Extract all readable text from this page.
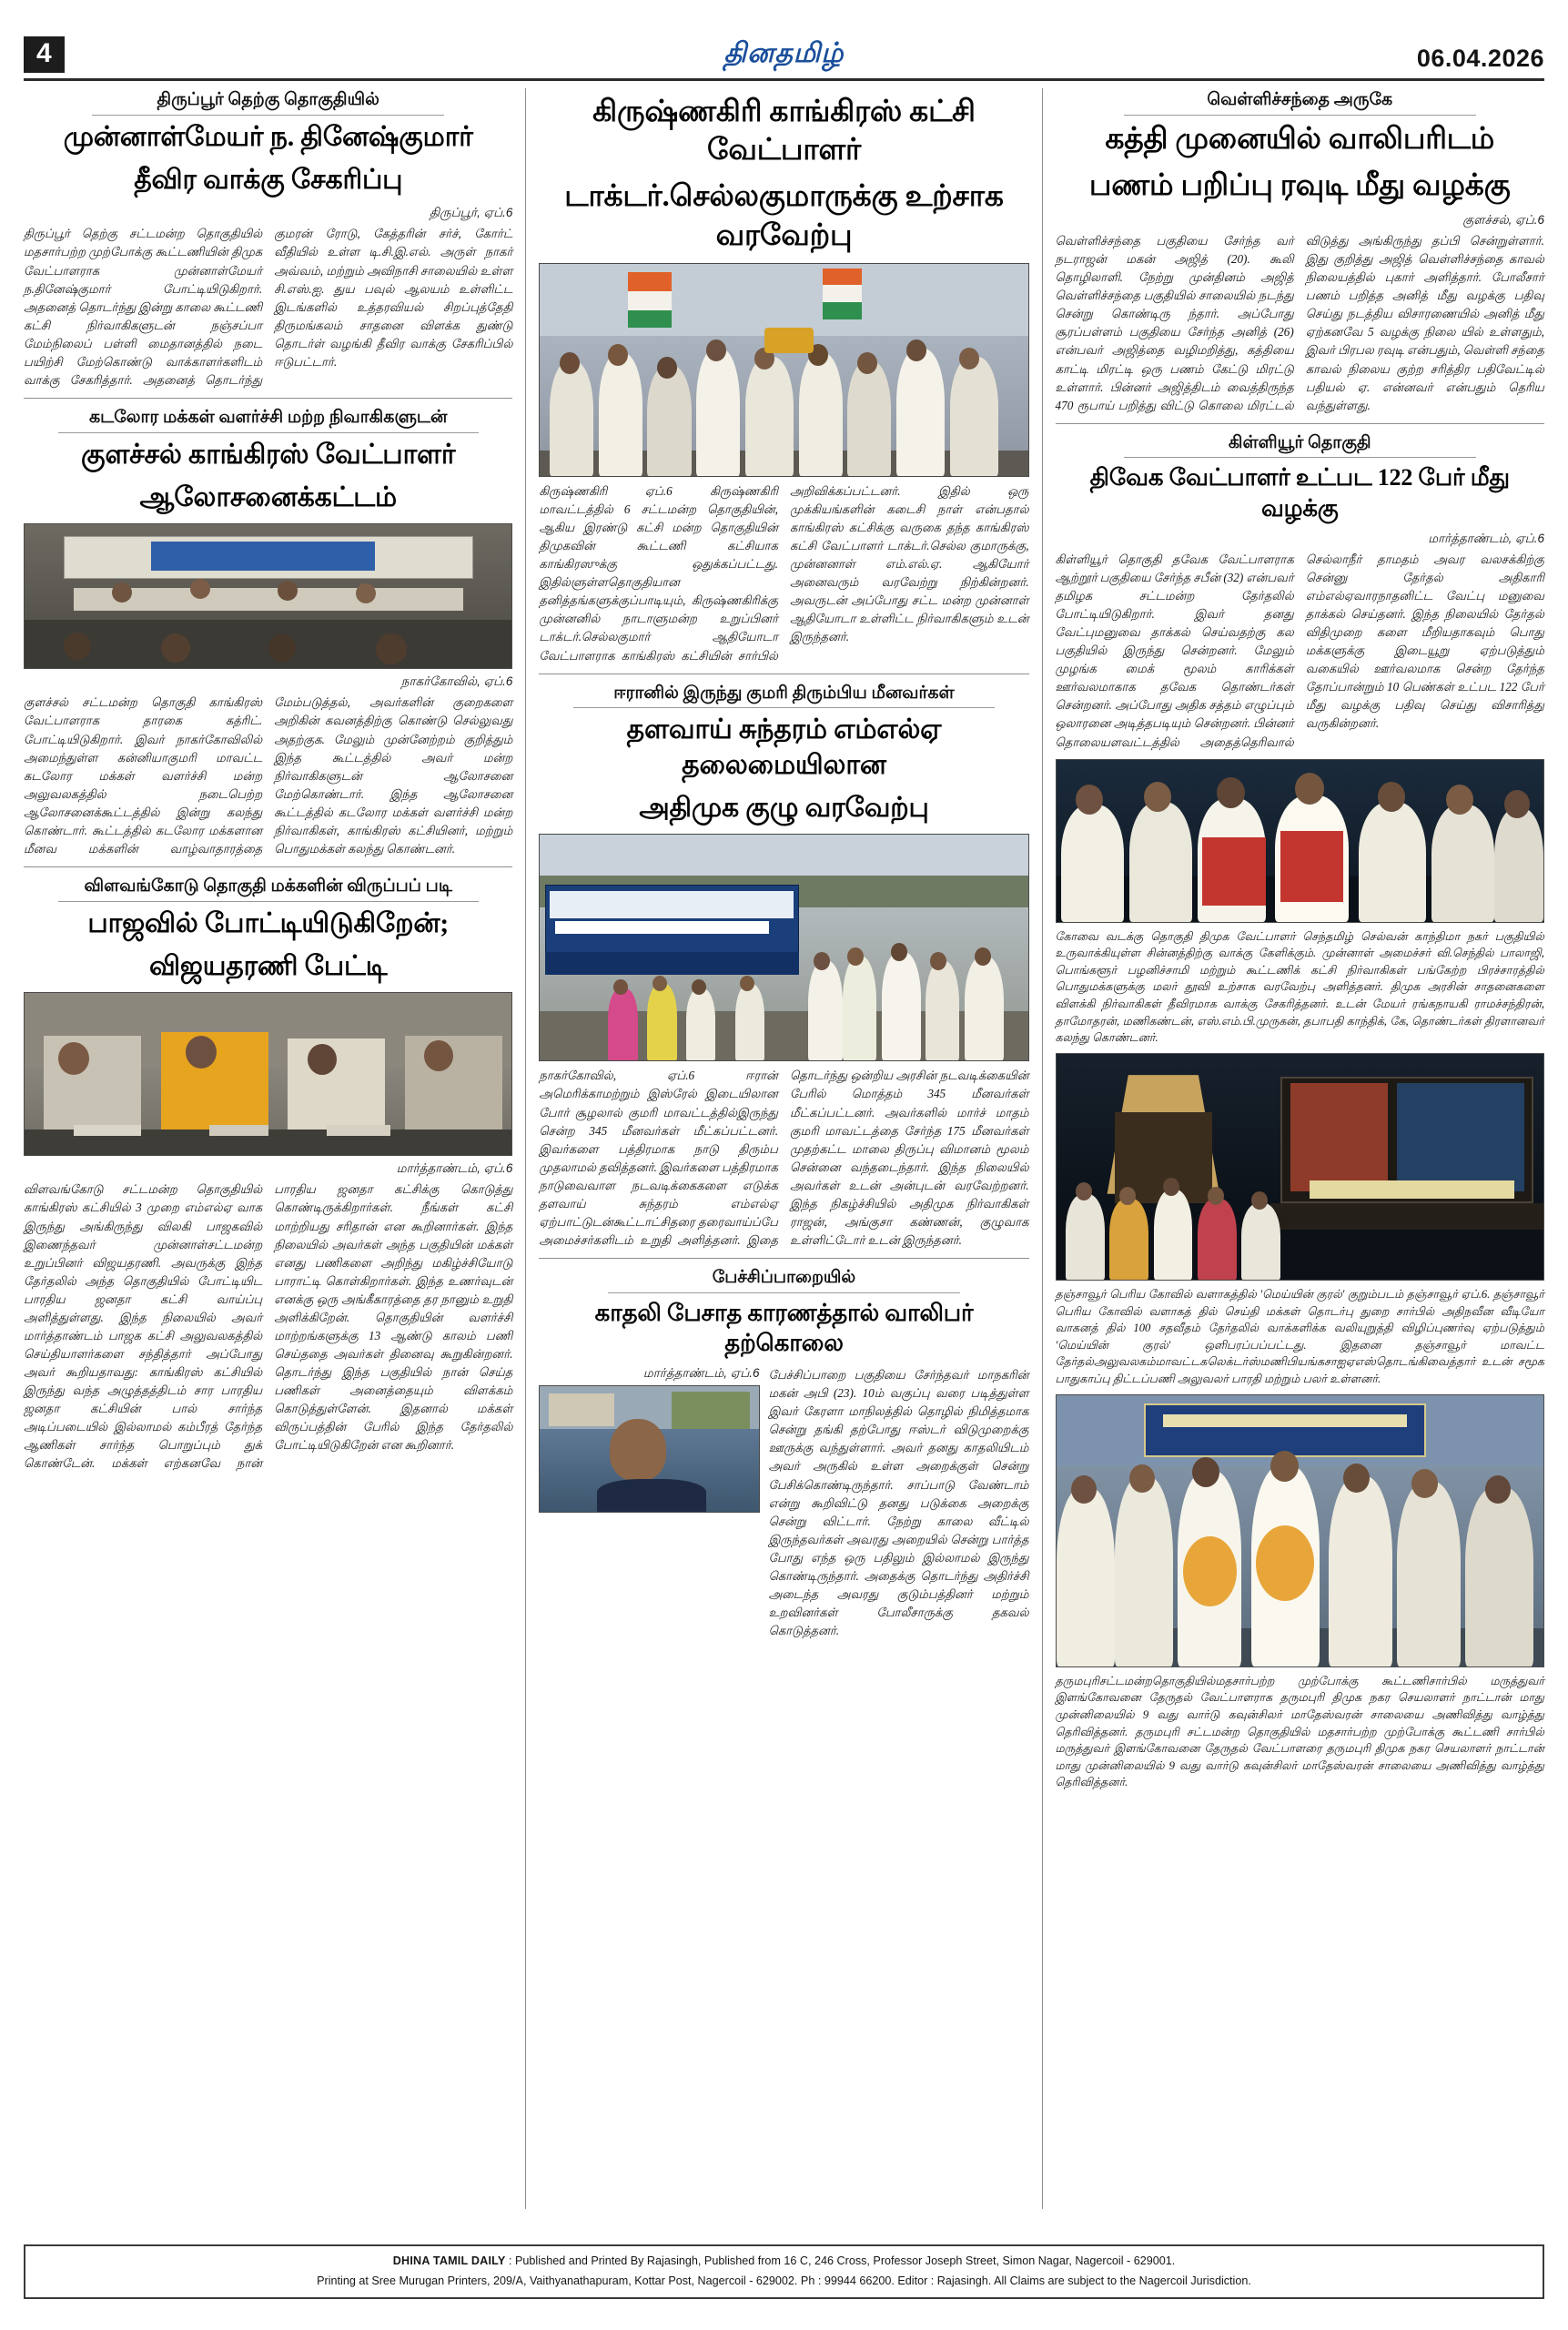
4	தினதமிழ்	06.04.2026
திருப்பூர் தெற்கு தொகுதியில்
முன்னாள்மேயர் ந. தினேஷ்குமார்
தீவிர வாக்கு சேகரிப்பு
திருப்பூர், ஏப்.6
திருப்பூர் தெற்கு சட்டமன்ற தொகுதியில் மதசார்பற்ற முற்போக்கு கூட்டணியின் திமுக வேட்பாளராக முன்னாள்மேயர் ந.தினேஷ்குமார் போட்டியிடுகிறார். அதனைத் தொடர்ந்து இன்று காலை கூட்டணி கட்சி நிர்வாகிகளுடன் நஞ்சப்பா மேம்நிலைப் பள்ளி மைதானத்தில் நடை பயிற்சி மேற்கொண்டு வாக்காளர்களிடம் வாக்கு சேகரித்தார். அதனைத் தொடர்ந்து குமரன் ரோடு, கேத்தரின் சர்ச், கோர்ட் வீதியில் உள்ள டி.சி.இ.எல். அருள் நாகர் அவ்வம், மற்றும் அவிநாசி சாலையில் உள்ள சி.எஸ்.ஐ. துய பவுல் ஆலயம் உள்ளிட்ட இடங்களில் உத்தரவியல் சிறப்புத்தேதி திருமங்கலம் சாதனை விளக்க துண்டு தொடர்ள் வழங்கி தீவிர வாக்கு சேகரிப்பில் ஈடுபட்டார்.
கடலோர மக்கள் வளர்ச்சி மற்ற நிவாகிகளுடன்
குளச்சல் காங்கிரஸ் வேட்பாளர்
ஆலோசனைக்கட்டம்
நாகர்கோவில், ஏப்.6
குளச்சல் சட்டமன்ற தொகுதி காங்கிரஸ் வேட்பாளராக தாரகை கத்ரிட். போட்டியிடுகிறார். இவர் நாகர்கோவிலில் அமைந்துள்ள கன்னியாகுமரி மாவட்ட கடலோர மக்கள் வளர்ச்சி மன்ற அலுவலகத்தில் நடைபெற்ற ஆலோசனைக்கூட்டத்தில் இன்று கலந்து கொண்டார். கூட்டத்தில் கடலோர மக்களான மீனவ மக்களின் வாழ்வாதாரத்தை மேம்படுத்தல், அவர்களின் குறைகளை அறிகின் கவனத்திற்கு கொண்டு செல்லுவது அதற்குக. மேலும் முன்னேற்றம் குறித்தும் இந்த கூட்டத்தில் அவர் மன்ற நிர்வாகிகளுடன் ஆலோசனை மேற்கொண்டார். இந்த ஆலோசனை கூட்டத்தில் கடலோர மக்கள் வளர்ச்சி மன்ற நிர்வாகிகள், காங்கிரஸ் கட்சியினர், மற்றும் பொதுமக்கள் கலந்து கொண்டனர்.
விளவங்கோடு தொகுதி மக்களின் விருப்பப் படி
பாஜவில் போட்டியிடுகிறேன்;
விஜயதரணி பேட்டி
மார்த்தாண்டம், ஏப்.6
விளவங்கோடு சட்டமன்ற தொகுதியில் காங்கிரஸ் கட்சியில் 3 முறை எம்எல்ஏ வாக இருந்து அங்கிருந்து விலகி பாஜகவில் இணைந்தவர் முன்னாள்சட்டமன்ற உறுப்பினர் விஜயதரணி. அவருக்கு இந்த தேர்தலில் அந்த தொகுதியில் போட்டியிட பாரதிய ஜனதா கட்சி வாய்ப்பு அளித்துள்ளது. இந்த நிலையில் அவர் மார்த்தாண்டம் பாஜக கட்சி அலுவலகத்தில் செய்தியாளர்களை சந்தித்தார் அப்போது அவர் கூறியதாவது: காங்கிரஸ் கட்சியில் இருந்து வந்த அழுத்தத்திடம் சார பாரதிய ஜனதா கட்சியின் பால் சார்ந்த அடிப்படையில் இல்லாமல் கம்பீரத் தேர்ந்த ஆணிகள் சார்ந்த பொறுப்பும் துக் கொண்டேன். மக்கள் எற்கனவே நான் பாரதிய ஜனதா கட்சிக்கு கொடுத்து கொண்டிருக்கிறார்கள். நீங்கள் கட்சி மாற்றியது சரிதான் என கூறினார்கள். இந்த நிலையில் அவர்கள் அந்த பகுதியின் மக்கள் எனது பணிகளை அறிந்து மகிழ்ச்சியோடு பாராட்டி கொள்கிறார்கள். இந்த உணர்வுடன் எனக்கு ஒரு அங்கீகாரத்தை தர நானும் உறுதி அளிக்கிறேன். தொகுதியின் வளர்ச்சி மாற்றங்களுக்கு 13 ஆண்டு காலம் பணி செய்ததை அவர்கள் தினைவு கூறுகின்றனர். தொடர்ந்து இந்த பகுதியில் நான் செய்த பணிகள் அனைத்தையும் விளக்கம் கொடுத்துள்ளேன். இதனால் மக்கள் விருப்பத்தின் பேரில் இந்த தேர்தலில் போட்டியிடுகிறேன் என கூறினார்.
கிருஷ்ணகிரி காங்கிரஸ் கட்சி வேட்பாளர்
டாக்டர்.செல்லகுமாருக்கு உற்சாக வரவேற்பு
கிருஷ்ணகிரி ஏப்.6 கிருஷ்ணகிரி மாவட்டத்தில் 6 சட்டமன்ற தொகுதியின், ஆகிய இரண்டு கட்சி மன்ற தொகுதியின் திமுகவின் கூட்டணி கட்சியாக காங்கிரஸுக்கு ஒதுக்கப்பட்டது. இதில்ளுள்ளதொகுதியான தனித்தங்களுக்குப்பாடியும், கிருஷ்ணகிரிக்கு முன்னனில் நாடாளுமன்ற உறுப்பினர் டாக்டர்.செல்லகுமார் ஆதியோடா வேட்பாளராக காங்கிரஸ் கட்சியின் சார்பில் அறிவிக்கப்பட்டனர். இதில் ஒரு முக்கியங்களின் கடைசி நாள் என்பதால் காங்கிரஸ் கட்சிக்கு வருகை தந்த காங்கிரஸ் கட்சி வேட்பாளர் டாக்டர்.செல்ல குமாருக்கு, முன்னனாள் எம்.எல்.ஏ. ஆகியோர் அனைவரும் வரவேற்று நிற்கின்றனர். அவருடன் அப்போது சட்ட மன்ற முன்னாள் ஆதியோடா உள்ளிட்ட நிர்வாகிகளும் உடன் இருந்தனர்.
ஈரானில் இருந்து குமரி திரும்பிய மீனவர்கள்
தளவாய் சுந்தரம் எம்எல்ஏ தலைமையிலான
அதிமுக குழு வரவேற்பு
நாகர்கோவில், ஏப்.6 ஈரான் அமெரிக்காமற்றும் இஸ்ரேல் இடையிலான போர் சூழலால் குமரி மாவட்டத்தில்இருந்து சென்ற 345 மீனவர்கள் மீட்கப்பட்டனர். இவர்களை பத்திரமாக நாடு திரும்ப முதலாமல் தவித்தனர். இவர்களை பத்திரமாக நாடுவைவாள நடவடிக்கைகளை எடுக்க தளவாய் சுந்தரம் எம்எல்ஏ ஏற்பாட்டுடன்கூட்டாட்சிதரை தரைவாய்ப்பே அமைச்சர்களிடம் உறுதி அளித்தனர். இதை தொடர்ந்து ஒன்றிய அரசின் நடவடிக்கையின் பேரில் மொத்தம் 345 மீனவர்கள் மீட்கப்பட்டனர். அவர்களில் மார்ச் மாதம் குமரி மாவட்டத்தை சேர்ந்த 175 மீனவர்கள் முதற்கட்ட மாலை திருப்பு விமானம் மூலம் சென்னை வந்தடைந்தார். இந்த நிலையில் அவர்கள் உடன் அன்புடன் வரவேற்றனர். இந்த நிகழ்ச்சியில் அதிமுக நிர்வாகிகள் ராஜன், அங்குசா கண்ணன், குழுவாக உள்ளிட்டோர் உடன் இருந்தனர்.
பேச்சிப்பாறையில்
காதலி பேசாத காரணத்தால் வாலிபர் தற்கொலை
மார்த்தாண்டம், ஏப்.6 பேச்சிப்பாறை பகுதியை சேர்ந்தவர் மாநகரின் மகன் அபி (23). 10ம் வகுப்பு வரை படித்துள்ள இவர் கேரளா மாநிலத்தில் தொழில் நிமித்தமாக சென்று தங்கி தற்போது ஈஸ்டர் விடுமுறைக்கு ஊருக்கு வந்துள்ளார். அவர் தனது காதலியிடம் அவர் அருகில் உள்ள அறைக்குள் சென்று பேசிக்கொண்டிருந்தார். சாப்பாடு வேண்டாம் என்று கூறிவிட்டு தனது படுக்கை அறைக்கு சென்று விட்டார். நேற்று காலை வீட்டில் இருந்தவர்கள் அவரது அறையில் சென்று பார்த்த போது எந்த ஒரு பதிலும் இல்லாமல் இருந்து கொண்டிருந்தார். அதைக்கு தொடர்ந்து அதிர்ச்சி அடைந்த அவரது குடும்பத்தினர் மற்றும் உறவினர்கள் போலீசாருக்கு தகவல் கொடுத்தனர்.
வெள்ளிச்சந்தை அருகே
கத்தி முனையில் வாலிபரிடம்
பணம் பறிப்பு ரவுடி மீது வழக்கு
குளச்சல், ஏப்.6
வெள்ளிச்சந்தை பகுதியை சேர்ந்த வர் நடராஜன் மகன் அஜித் (20). கூலி தொழிலாளி. நேற்று முன்தினம் அஜித் வெள்ளிச்சந்தை பகுதியில் சாலையில் நடந்து சென்று கொண்டிரு ந்தார். அப்போது சூரப்பள்ளம் பகுதியை சேர்ந்த அனித் (26) என்பவர் அஜித்தை வழிமறித்து, கத்தியை காட்டி மிரட்டி ஒரு பணம் கேட்டு மிரட்டு உள்ளார். பின்னர் அஜித்திடம் வைத்திருந்த 470 ரூபாய் பறித்து விட்டு கொலை மிரட்டல் விடுத்து அங்கிருந்து தப்பி சென்றுள்ளார். இது குறித்து அஜித் வெள்ளிச்சந்தை காவல் நிலையத்தில் புகார் அளித்தார். போலீசார் பணம் பறித்த அனித் மீது வழக்கு பதிவு செய்து நடத்திய விசாரணையில் அனித் மீது ஏற்கனவே 5 வழக்கு நிலை யில் உள்ளதும், இவர் பிரபல ரவுடி என்பதும், வெள்ளி சந்தை காவல் நிலைய குற்ற சரித்திர பதிவேட்டில் பதியல் ஏ. என்னவர் என்பதும் தெரிய வந்துள்ளது.
கிள்ளியூர் தொகுதி
திவேக வேட்பாளர் உட்பட 122 பேர் மீது வழக்கு
மார்த்தாண்டம், ஏப்.6
கிள்ளியூர் தொகுதி தவேக வேட்பாளராக ஆற்றூர் பகுதியை சேர்ந்த சபீன் (32) என்பவர் தமிழக சட்டமன்ற தேர்தலில் போட்டியிடுகிறார். இவர் தனது வேட்புமனுவை தாக்கல் செய்வதற்கு கல பகுதியில் இருந்து சென்றனர். மேலும் முழங்க மைக் மூலம் காரிக்கள் ஊர்வலமாகாக தவேக தொண்டர்கள் சென்றனர். அப்போது அதிக சத்தம் எழுப்பும் ஒலாரனை அடித்தபடியும் சென்றனர். பின்னர் தொலையளவட்டத்தில் அதைத்தெரிவால் செல்லாநீர் தாமதம் அவர வலசக்கிற்கு சென்னு தேர்தல் அதிகாரி எம்எல்ஏவாரநாதனிட்ட வேட்பு மனுவை தாக்கல் செய்தனர். இந்த நிலையில் தேர்தல் விதிமுறை களை மீறியதாகவும் பொது மக்களுக்கு இடையூறு ஏற்படுத்தும் வகையில் ஊர்வலமாக சென்ற தேர்ந்த தோப்பான்றும் 10 பெண்கள் உட்பட 122 பேர் மீது வழக்கு பதிவு செய்து விசாரித்து வருகின்றனர்.
கோவை வடக்கு தொகுதி திமுக வேட்பாளர் செந்தமிழ் செல்வன் காந்திமா நகர் பகுதியில் உருவாக்கியுள்ள சின்னத்திற்கு வாக்கு கேளிக்கும். முன்னாள் அமைச்சர் வி.செந்தில் பாலாஜி, பொங்களூர் பழனிச்சாமி மற்றும் கூட்டணிக் கட்சி நிர்வாகிகள் பங்கேற்ற பிரச்சாரத்தில் பொதுமக்களுக்கு மலர் தூவி உற்சாக வரவேற்பு அளித்தனர். திமுக அரசின் சாதனைகளை விளக்கி நிர்வாகிகள் தீவிரமாக வாக்கு சேகரித்தனர். உடன் மேயர் ரங்கநாயகி ராமச்சந்திரன், தாமோதரன், மணிகண்டன், எஸ்.எம்.பி.முருகன், தபாபதி காந்திக், கே, தொண்டர்கள் திரளானவர் கலந்து கொண்டனர்.
தஞ்சாவூர் பெரிய கோவில் வளாகத்தில் 'மெய்யின் குரல்' குறும்படம் தஞ்சாவூர் ஏப்.6. தஞ்சாவூர் பெரிய கோவில் வளாகத் தில் செய்தி மக்கள் தொடர்பு துறை சார்பில் அதிநவீன வீடியோ வாகனத் தில் 100 சதவீதம் தேர்தலில் வாக்களிக்க வலியுறுத்தி விழிப்புணர்வு ஏற்படுத்தும் 'மெய்யின் குரல்' ஒளிபரப்பப்பட்டது. இதனை தஞ்சாவூர் மாவட்ட தேர்தல்அலுவலகம்மாவட்டகலெக்டர்ஸ்மணிபியங்கசாஐஏஎஸ்தொடங்கிவைத்தார் உடன் சமூக பாதுகாப்பு திட்டப்பணி அலுவலர் பாரதி மற்றும் பலர் உள்ளனர்.
தருமபுரிசட்டமன்றதொகுதியில்மதசார்பற்ற முற்போக்கு கூட்டணிசார்பில் மருத்துவர் இளங்கோவனை தேருதல் வேட்பாளராக தருமபுரி திமுக நகர செயலாளர் நாட்டான் மாது முன்னிலையில் 9 வது வார்டு கவுன்சிலர் மாதேஸ்வரன் சாலையை அணிவித்து வாழ்த்து தெரிவித்தனர். தருமபுரி சட்டமன்ற தொகுதியில் மதசார்பற்ற முற்போக்கு கூட்டணி சார்பில் மருத்துவர் இளங்கோவனை தேருதல் வேட்பாளரை தருமபுரி திமுக நகர செயலாளர் நாட்டான் மாது முன்னிலையில் 9 வது வார்டு கவுன்சிலர் மாதேஸ்வரன் சாலையை அணிவித்து வாழ்த்து தெரிவித்தனர்.
DHINA TAMIL DAILY : Published and Printed By Rajasingh, Published from 16 C, 246 Cross, Professor Joseph Street, Simon Nagar, Nagercoil - 629001.
Printing at Sree Murugan Printers, 209/A, Vaithyanathapuram, Kottar Post, Nagercoil - 629002. Ph : 99944 66200. Editor : Rajasingh. All Claims are subject to the Nagercoil Jurisdiction.
